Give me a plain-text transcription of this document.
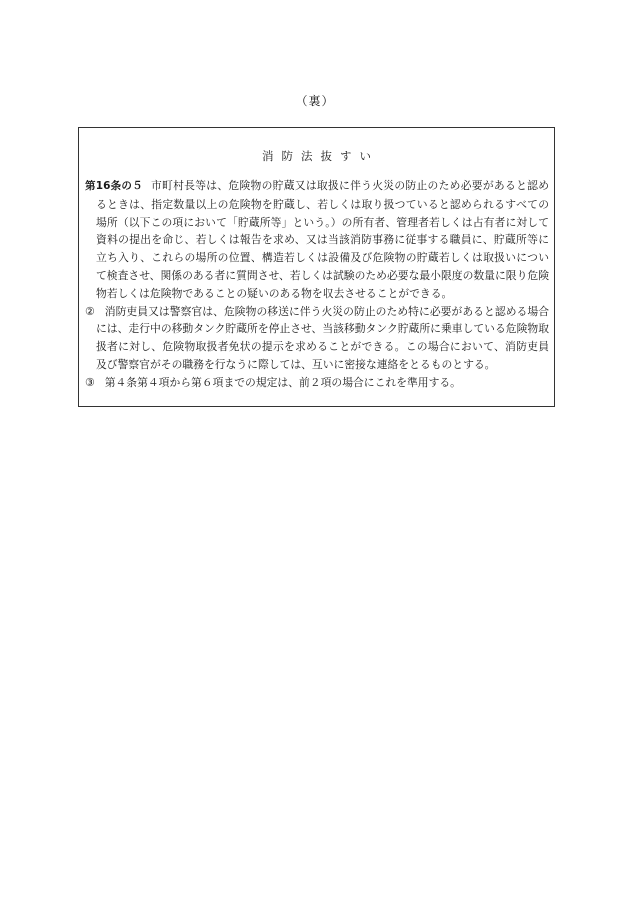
（裏）
消防法抜すい

第16条の５ 市町村長等は、危険物の貯蔵又は取扱に伴う火災の防止のため必要があると認めるときは、指定数量以上の危険物を貯蔵し、若しくは取り扱つていると認められるすべての場所（以下この項において「貯蔵所等」という。）の所有者、管理者若しくは占有者に対して資料の提出を命じ、若しくは報告を求め、又は当該消防事務に従事する職員に、貯蔵所等に立ち入り、これらの場所の位置、構造若しくは設備及び危険物の貯蔵若しくは取扱いについて検査させ、関係のある者に質問させ、若しくは試験のため必要な最小限度の数量に限り危険物若しくは危険物であることの疑いのある物を収去させることができる。

② 消防吏員又は警察官は、危険物の移送に伴う火災の防止のため特に必要があると認める場合には、走行中の移動タンク貯蔵所を停止させ、当該移動タンク貯蔵所に乗車している危険物取扱者に対し、危険物取扱者免状の提示を求めることができる。この場合において、消防吏員及び警察官がその職務を行なうに際しては、互いに密接な連絡をとるものとする。

③ 第４条第４項から第６項までの規定は、前２項の場合にこれを準用する。
